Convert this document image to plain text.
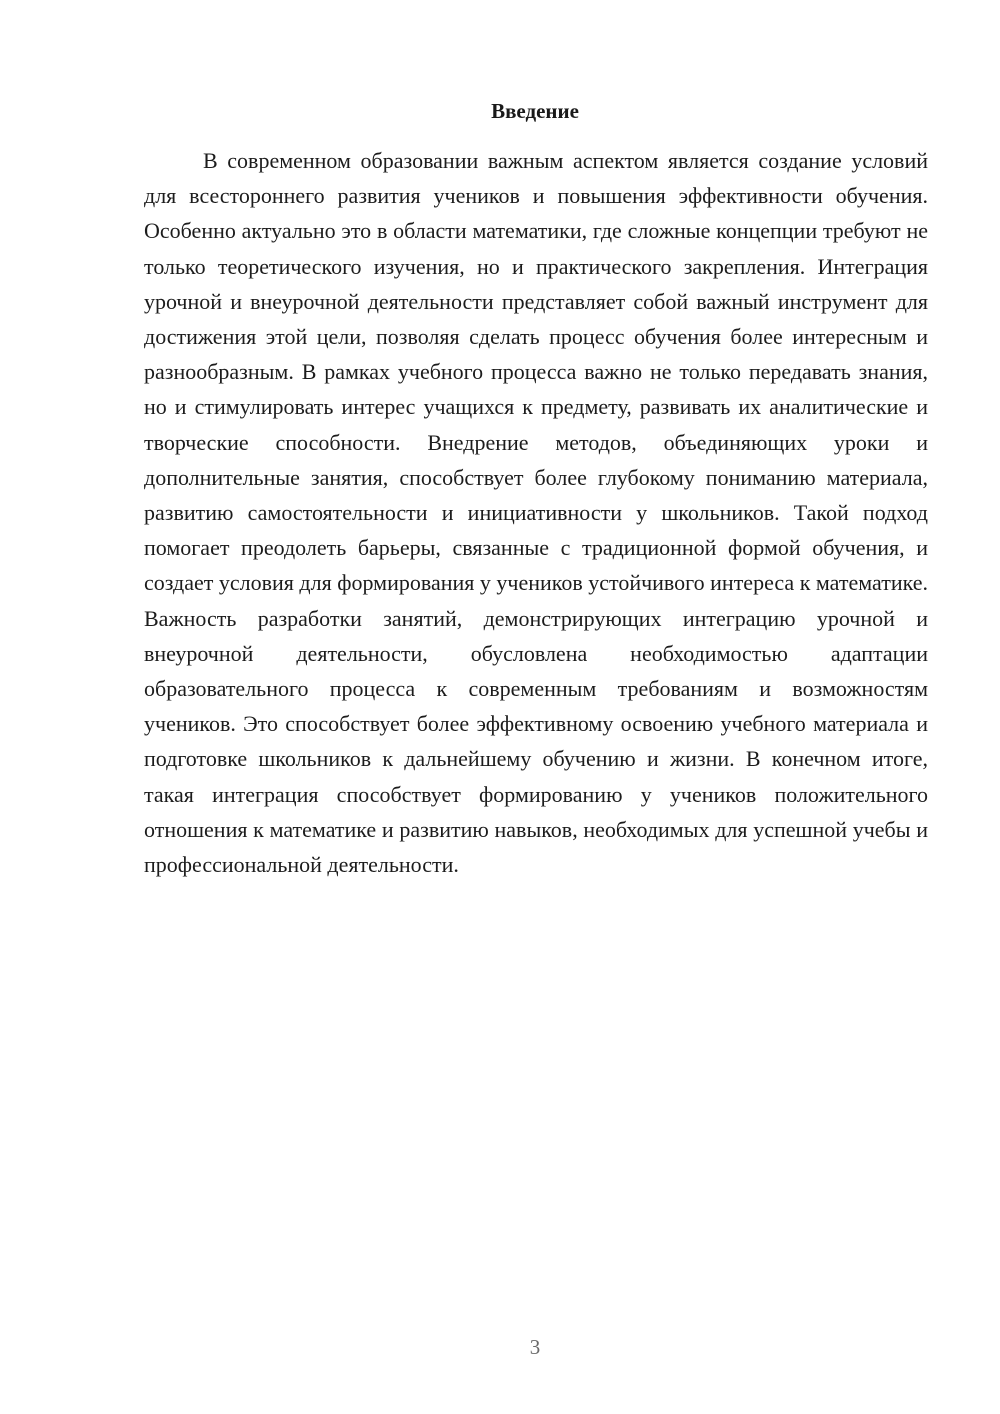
Введение

В современном образовании важным аспектом является создание условий для всестороннего развития учеников и повышения эффективности обучения. Особенно актуально это в области математики, где сложные концепции требуют не только теоретического изучения, но и практического закрепления. Интеграция урочной и внеурочной деятельности представляет собой важный инструмент для достижения этой цели, позволяя сделать процесс обучения более интересным и разнообразным. В рамках учебного процесса важно не только передавать знания, но и стимулировать интерес учащихся к предмету, развивать их аналитические и творческие способности. Внедрение методов, объединяющих уроки и дополнительные занятия, способствует более глубокому пониманию материала, развитию самостоятельности и инициативности у школьников. Такой подход помогает преодолеть барьеры, связанные с традиционной формой обучения, и создает условия для формирования у учеников устойчивого интереса к математике. Важность разработки занятий, демонстрирующих интеграцию урочной и внеурочной деятельности, обусловлена необходимостью адаптации образовательного процесса к современным требованиям и возможностям учеников. Это способствует более эффективному освоению учебного материала и подготовке школьников к дальнейшему обучению и жизни. В конечном итоге, такая интеграция способствует формированию у учеников положительного отношения к математике и развитию навыков, необходимых для успешной учебы и профессиональной деятельности.

3
